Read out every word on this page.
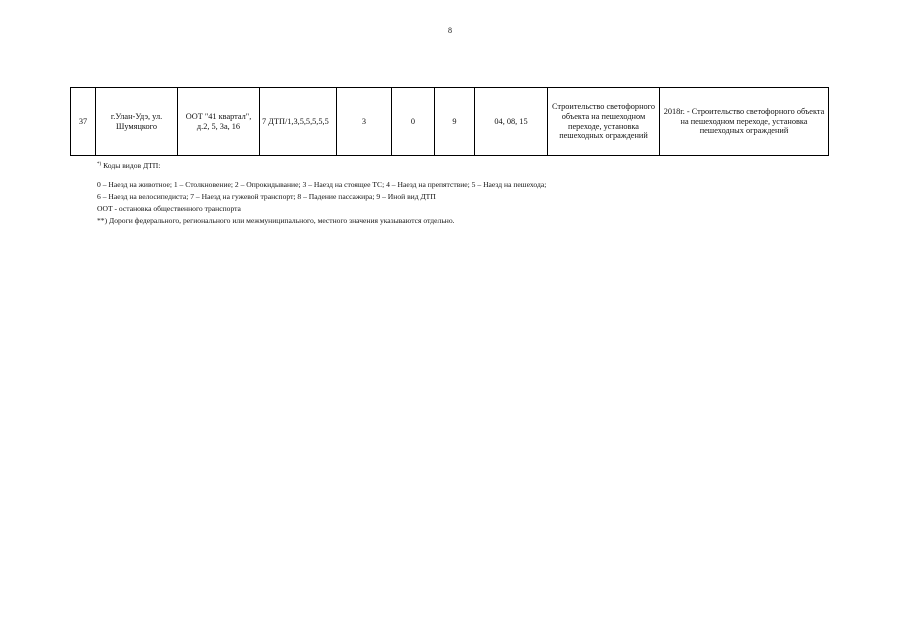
8
37	г.Улан-Удэ, ул. Шумяцкого	ООТ "41 квартал", д.2, 5, 3а, 16	7 ДТП/1,3,5,5,5,5,5	3	0	9	04, 08, 15	Строительство светофорного объекта на пешеходном переходе, установка пешеходных ограждений	2018г. - Строительство светофорного объекта на пешеходном переходе, установка пешеходных ограждений
*) Коды видов ДТП:
0 – Наезд на животное; 1 – Столкновение; 2 – Опрокидывание; 3 – Наезд на стоящее ТС; 4 – Наезд на препятствие; 5 – Наезд на пешехода;
6 – Наезд на велосипедиста; 7 – Наезд на гужевой транспорт; 8 – Падение пассажира; 9 – Иной вид ДТП
ООТ - остановка общественного транспорта
**) Дороги федерального, регионального или межмуниципального, местного значения указываются отдельно.
